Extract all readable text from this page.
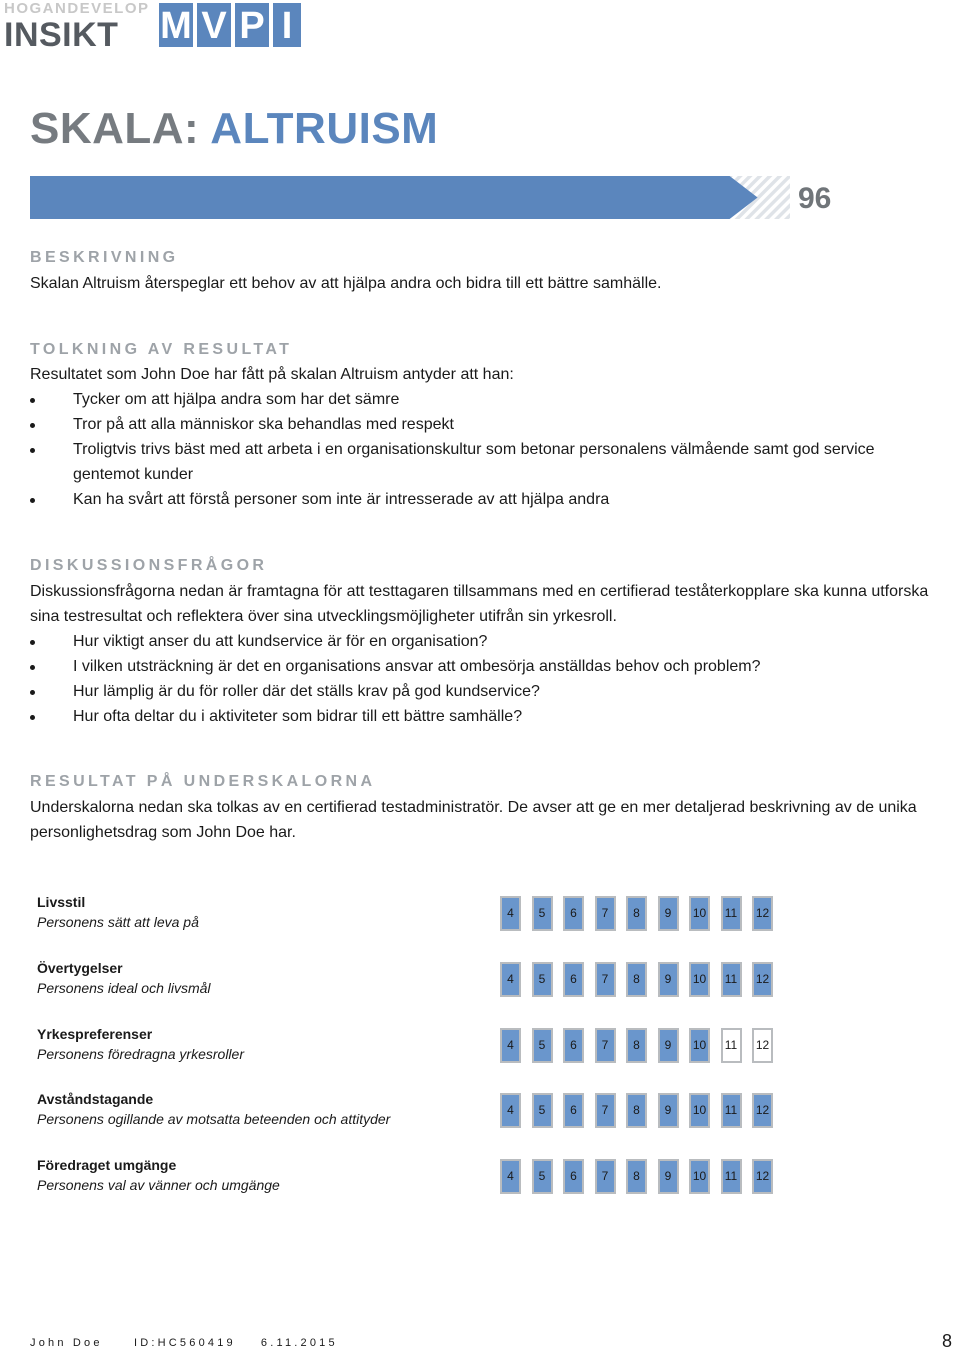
HOGANDEVELOP
INSIKT M V P I
SKALA: ALTRUISM
96
BESKRIVNING
Skalan Altruism återspeglar ett behov av att hjälpa andra och bidra till ett bättre samhälle.
TOLKNING AV RESULTAT
Resultatet som John Doe har fått på skalan Altruism antyder att han:
Tycker om att hjälpa andra som har det sämre
Tror på att alla människor ska behandlas med respekt
Troligtvis trivs bäst med att arbeta i en organisationskultur som betonar personalens välmående samt god service gentemot kunder
Kan ha svårt att förstå personer som inte är intresserade av att hjälpa andra
DISKUSSIONSFRÅGOR
Diskussionsfrågorna nedan är framtagna för att testtagaren tillsammans med en certifierad teståterkopplare ska kunna utforska sina testresultat och reflektera över sina utvecklingsmöjligheter utifrån sin yrkesroll.
Hur viktigt anser du att kundservice är för en organisation?
I vilken utsträckning är det en organisations ansvar att ombesörja anställdas behov och problem?
Hur lämplig är du för roller där det ställs krav på god kundservice?
Hur ofta deltar du i aktiviteter som bidrar till ett bättre samhälle?
RESULTAT PÅ UNDERSKALORNA
Underskalorna nedan ska tolkas av en certifierad testadministratör. De avser att ge en mer detaljerad beskrivning av de unika personlighetsdrag som John Doe har.
Livsstil
Personens sätt att leva på
4	5	6	7	8	9	10	11	12
Övertygelser
Personens ideal och livsmål
4	5	6	7	8	9	10	11	12
Yrkespreferenser
Personens föredragna yrkesroller
4	5	6	7	8	9	10	11	12
Avståndstagande
Personens ogillande av motsatta beteenden och attityder
4	5	6	7	8	9	10	11	12
Föredraget umgänge
Personens val av vänner och umgänge
4	5	6	7	8	9	10	11	12
John Doe	ID:HC560419 6.11.2015	8
